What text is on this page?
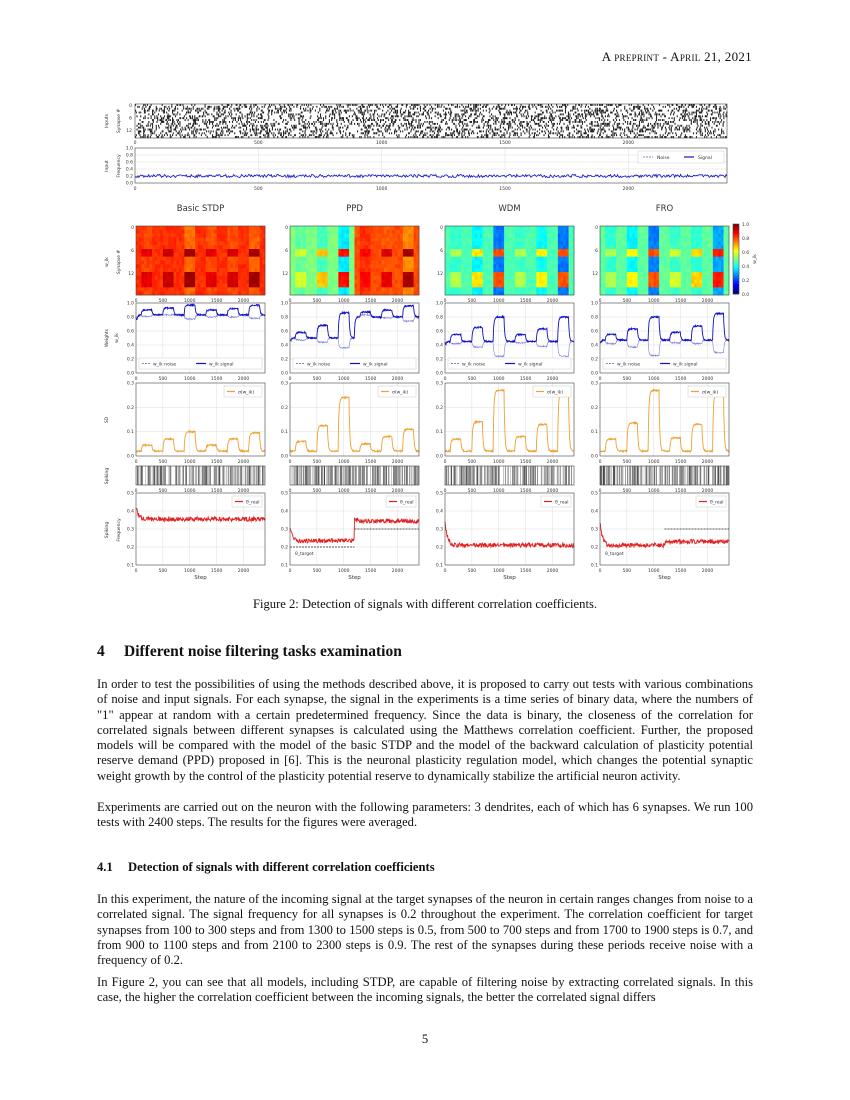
A preprint - April 21, 2021
Inputs Synapse #
0
6
12
0	500	1000	1500	2000
Input Frequency
0.0
0.2
0.4
0.6
0.8
1.0
0	500	1000	1500	2000
Noise	Signal
w_ik Synapse #
Weights w_ik
SD
Spiking
Spiking Frequency
Basic STDP
0
6
12
0	500	1000	1500	2000
0.0
0.2
0.4
0.6
0.8
1.0
0	500	1000	1500	2000
w_ik noise	w_ik signal
0.0
0.1
0.2
0.3
0	500	1000	1500	2000
σ(w_ik)
0	500	1000	1500	2000
0.1
0.2
0.3
0.4
0.5
0	500	1000	1500	2000
θ_real
Step
PPD
0
6
12
0	500	1000	1500	2000
0.0
0.2
0.4
0.6
0.8
1.0
0	500	1000	1500	2000
w_ik noise	w_ik signal
0.0
0.1
0.2
0.3
0	500	1000	1500	2000
σ(w_ik)
0	500	1000	1500	2000
θ_target
0.1
0.2
0.3
0.4
0.5
0	500	1000	1500	2000
θ_real
Step
WDM
0
6
12
0	500	1000	1500	2000
0.0
0.2
0.4
0.6
0.8
1.0
0	500	1000	1500	2000
w_ik noise	w_ik signal
0.0
0.1
0.2
0.3
0	500	1000	1500	2000
σ(w_ik)
0	500	1000	1500	2000
0.1
0.2
0.3
0.4
0.5
0	500	1000	1500	2000
θ_real
Step
FRO
0
6
12
0	500	1000	1500	2000
0.0
0.2
0.4
0.6
0.8
1.0
0	500	1000	1500	2000
w_ik noise	w_ik signal
0.0
0.1
0.2
0.3
0	500	1000	1500	2000
σ(w_ik)
0	500	1000	1500	2000
θ_target
0.1
0.2
0.3
0.4
0.5
0	500	1000	1500	2000
θ_real
Step
1.0
0.8
0.6
0.4
0.2
0.0
w_ik
Figure 2: Detection of signals with different correlation coefficients.
4 Different noise filtering tasks examination

In order to test the possibilities of using the methods described above, it is proposed to carry out tests with various combinations of noise and input signals. For each synapse, the signal in the experiments is a time series of binary data, where the numbers of "1" appear at random with a certain predetermined frequency. Since the data is binary, the closeness of the correlation for correlated signals between different synapses is calculated using the Matthews correlation coefficient. Further, the proposed models will be compared with the model of the basic STDP and the model of the backward calculation of plasticity potential reserve demand (PPD) proposed in [6]. This is the neuronal plasticity regulation model, which changes the potential synaptic weight growth by the control of the plasticity potential reserve to dynamically stabilize the artificial neuron activity.

Experiments are carried out on the neuron with the following parameters: 3 dendrites, each of which has 6 synapses. We run 100 tests with 2400 steps. The results for the figures were averaged.

4.1 Detection of signals with different correlation coefficients

In this experiment, the nature of the incoming signal at the target synapses of the neuron in certain ranges changes from noise to a correlated signal. The signal frequency for all synapses is 0.2 throughout the experiment. The correlation coefficient for target synapses from 100 to 300 steps and from 1300 to 1500 steps is 0.5, from 500 to 700 steps and from 1700 to 1900 steps is 0.7, and from 900 to 1100 steps and from 2100 to 2300 steps is 0.9. The rest of the synapses during these periods receive noise with a frequency of 0.2.

In Figure 2, you can see that all models, including STDP, are capable of filtering noise by extracting correlated signals. In this case, the higher the correlation coefficient between the incoming signals, the better the correlated signal differs

5
